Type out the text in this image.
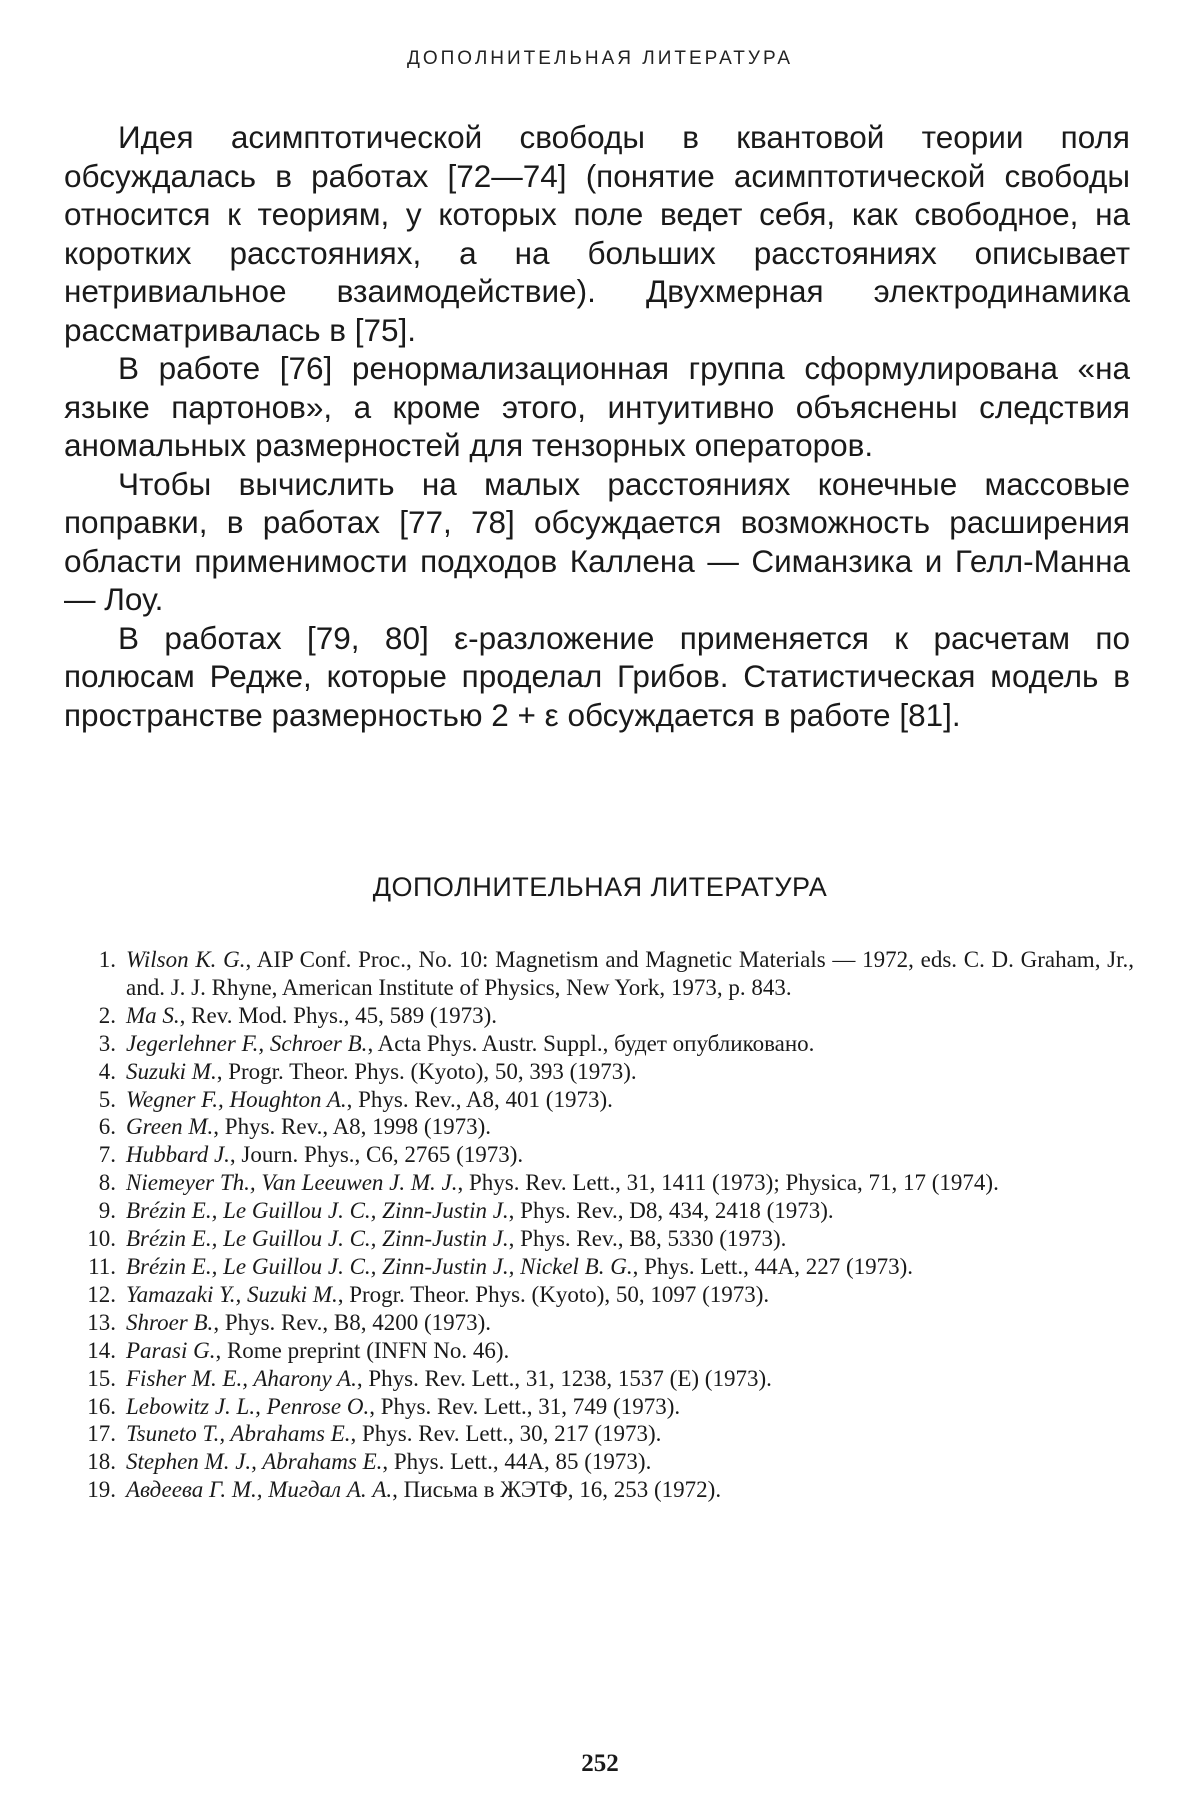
ДОПОЛНИТЕЛЬНАЯ ЛИТЕРАТУРА

Идея асимптотической свободы в квантовой теории поля обсуждалась в работах [72—74] (понятие асимптотической свободы относится к теориям, у которых поле ведет себя, как свободное, на коротких расстояниях, а на больших расстояниях описывает нетривиальное взаимодействие). Двухмерная электродинамика рассматривалась в [75].

В работе [76] ренормализационная группа сформулирована «на языке партонов», а кроме этого, интуитивно объяснены следствия аномальных размерностей для тензорных операторов.

Чтобы вычислить на малых расстояниях конечные массовые поправки, в работах [77, 78] обсуждается возможность расширения области применимости подходов Каллена — Симанзика и Гелл-Манна — Лоу.

В работах [79, 80] ε-разложение применяется к расчетам по полюсам Редже, которые проделал Грибов. Статистическая модель в пространстве размерностью 2 + ε обсуждается в работе [81].

ДОПОЛНИТЕЛЬНАЯ ЛИТЕРАТУРА
1. Wilson K. G., AIP Conf. Proc., No. 10: Magnetism and Magnetic Materials — 1972, eds. C. D. Graham, Jr., and. J. J. Rhyne, American Institute of Physics, New York, 1973, p. 843.
2. Ma S., Rev. Mod. Phys., 45, 589 (1973).
3. Jegerlehner F., Schroer B., Acta Phys. Austr. Suppl., будет опубликовано.
4. Suzuki M., Progr. Theor. Phys. (Kyoto), 50, 393 (1973).
5. Wegner F., Houghton A., Phys. Rev., A8, 401 (1973).
6. Green M., Phys. Rev., A8, 1998 (1973).
7. Hubbard J., Journ. Phys., C6, 2765 (1973).
8. Niemeyer Th., Van Leeuwen J. M. J., Phys. Rev. Lett., 31, 1411 (1973); Physica, 71, 17 (1974).
9. Brézin E., Le Guillou J. C., Zinn-Justin J., Phys. Rev., D8, 434, 2418 (1973).
10. Brézin E., Le Guillou J. C., Zinn-Justin J., Phys. Rev., B8, 5330 (1973).
11. Brézin E., Le Guillou J. C., Zinn-Justin J., Nickel B. G., Phys. Lett., 44A, 227 (1973).
12. Yamazaki Y., Suzuki M., Progr. Theor. Phys. (Kyoto), 50, 1097 (1973).
13. Shroer B., Phys. Rev., B8, 4200 (1973).
14. Parasi G., Rome preprint (INFN No. 46).
15. Fisher M. E., Aharony A., Phys. Rev. Lett., 31, 1238, 1537 (E) (1973).
16. Lebowitz J. L., Penrose O., Phys. Rev. Lett., 31, 749 (1973).
17. Tsuneto T., Abrahams E., Phys. Rev. Lett., 30, 217 (1973).
18. Stephen M. J., Abrahams E., Phys. Lett., 44A, 85 (1973).
19. Авдеева Г. М., Мигдал А. А., Письма в ЖЭТФ, 16, 253 (1972).
252
